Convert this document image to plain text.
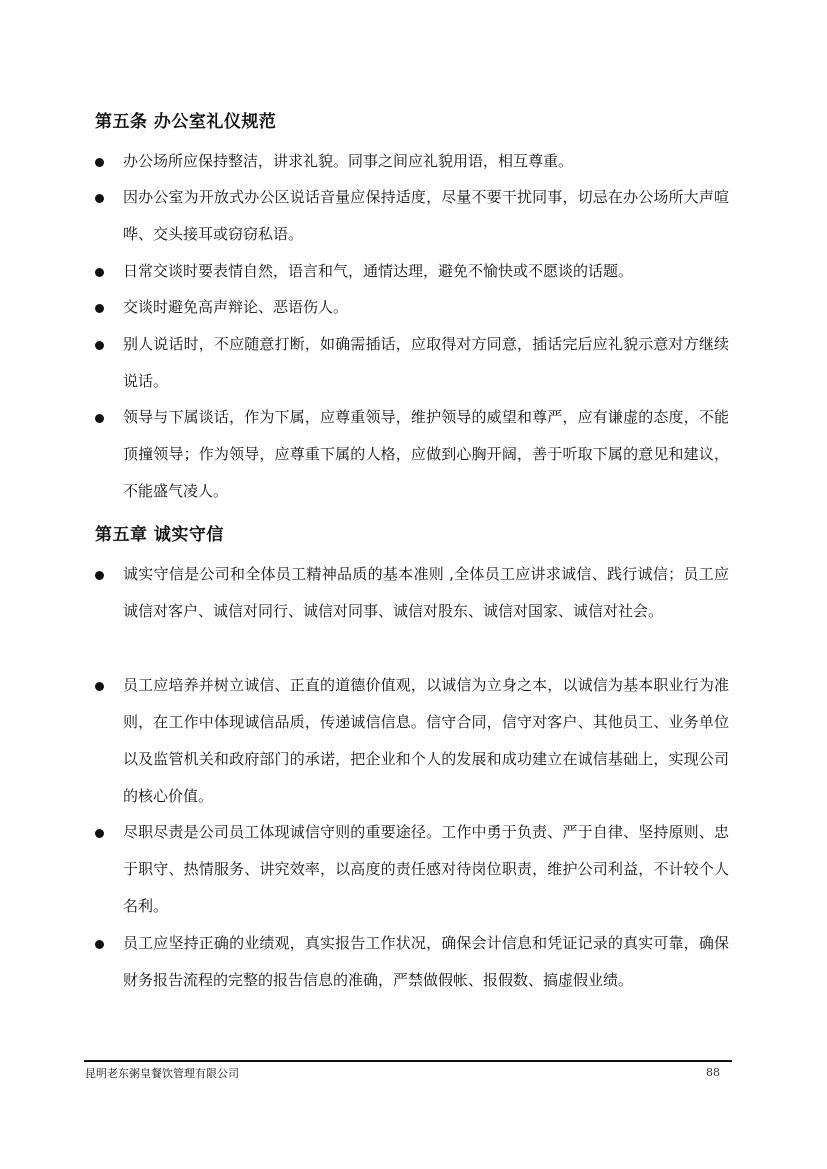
第五条 办公室礼仪规范
办公场所应保持整洁，讲求礼貌。同事之间应礼貌用语，相互尊重。
因办公室为开放式办公区说话音量应保持适度，尽量不要干扰同事，切忌在办公场所大声喧哗、交头接耳或窃窃私语。
日常交谈时要表情自然，语言和气，通情达理，避免不愉快或不愿谈的话题。
交谈时避免高声辩论、恶语伤人。
别人说话时，不应随意打断，如确需插话，应取得对方同意，插话完后应礼貌示意对方继续说话。
领导与下属谈话，作为下属，应尊重领导，维护领导的威望和尊严，应有谦虚的态度，不能顶撞领导；作为领导，应尊重下属的人格，应做到心胸开阔，善于听取下属的意见和建议，不能盛气凌人。
第五章 诚实守信
诚实守信是公司和全体员工精神品质的基本准则 ,全体员工应讲求诚信、践行诚信；员工应诚信对客户、诚信对同行、诚信对同事、诚信对股东、诚信对国家、诚信对社会。
员工应培养并树立诚信、正直的道德价值观，以诚信为立身之本，以诚信为基本职业行为准则，在工作中体现诚信品质，传递诚信信息。信守合同，信守对客户、其他员工、业务单位以及监管机关和政府部门的承诺，把企业和个人的发展和成功建立在诚信基础上，实现公司的核心价值。
尽职尽责是公司员工体现诚信守则的重要途径。工作中勇于负责、严于自律、坚持原则、忠于职守、热情服务、讲究效率，以高度的责任感对待岗位职责，维护公司利益，不计较个人名利。
员工应坚持正确的业绩观，真实报告工作状况，确保会计信息和凭证记录的真实可靠，确保财务报告流程的完整的报告信息的准确，严禁做假帐、报假数、搞虚假业绩。
昆明老东粥皇餐饮管理有限公司	88
